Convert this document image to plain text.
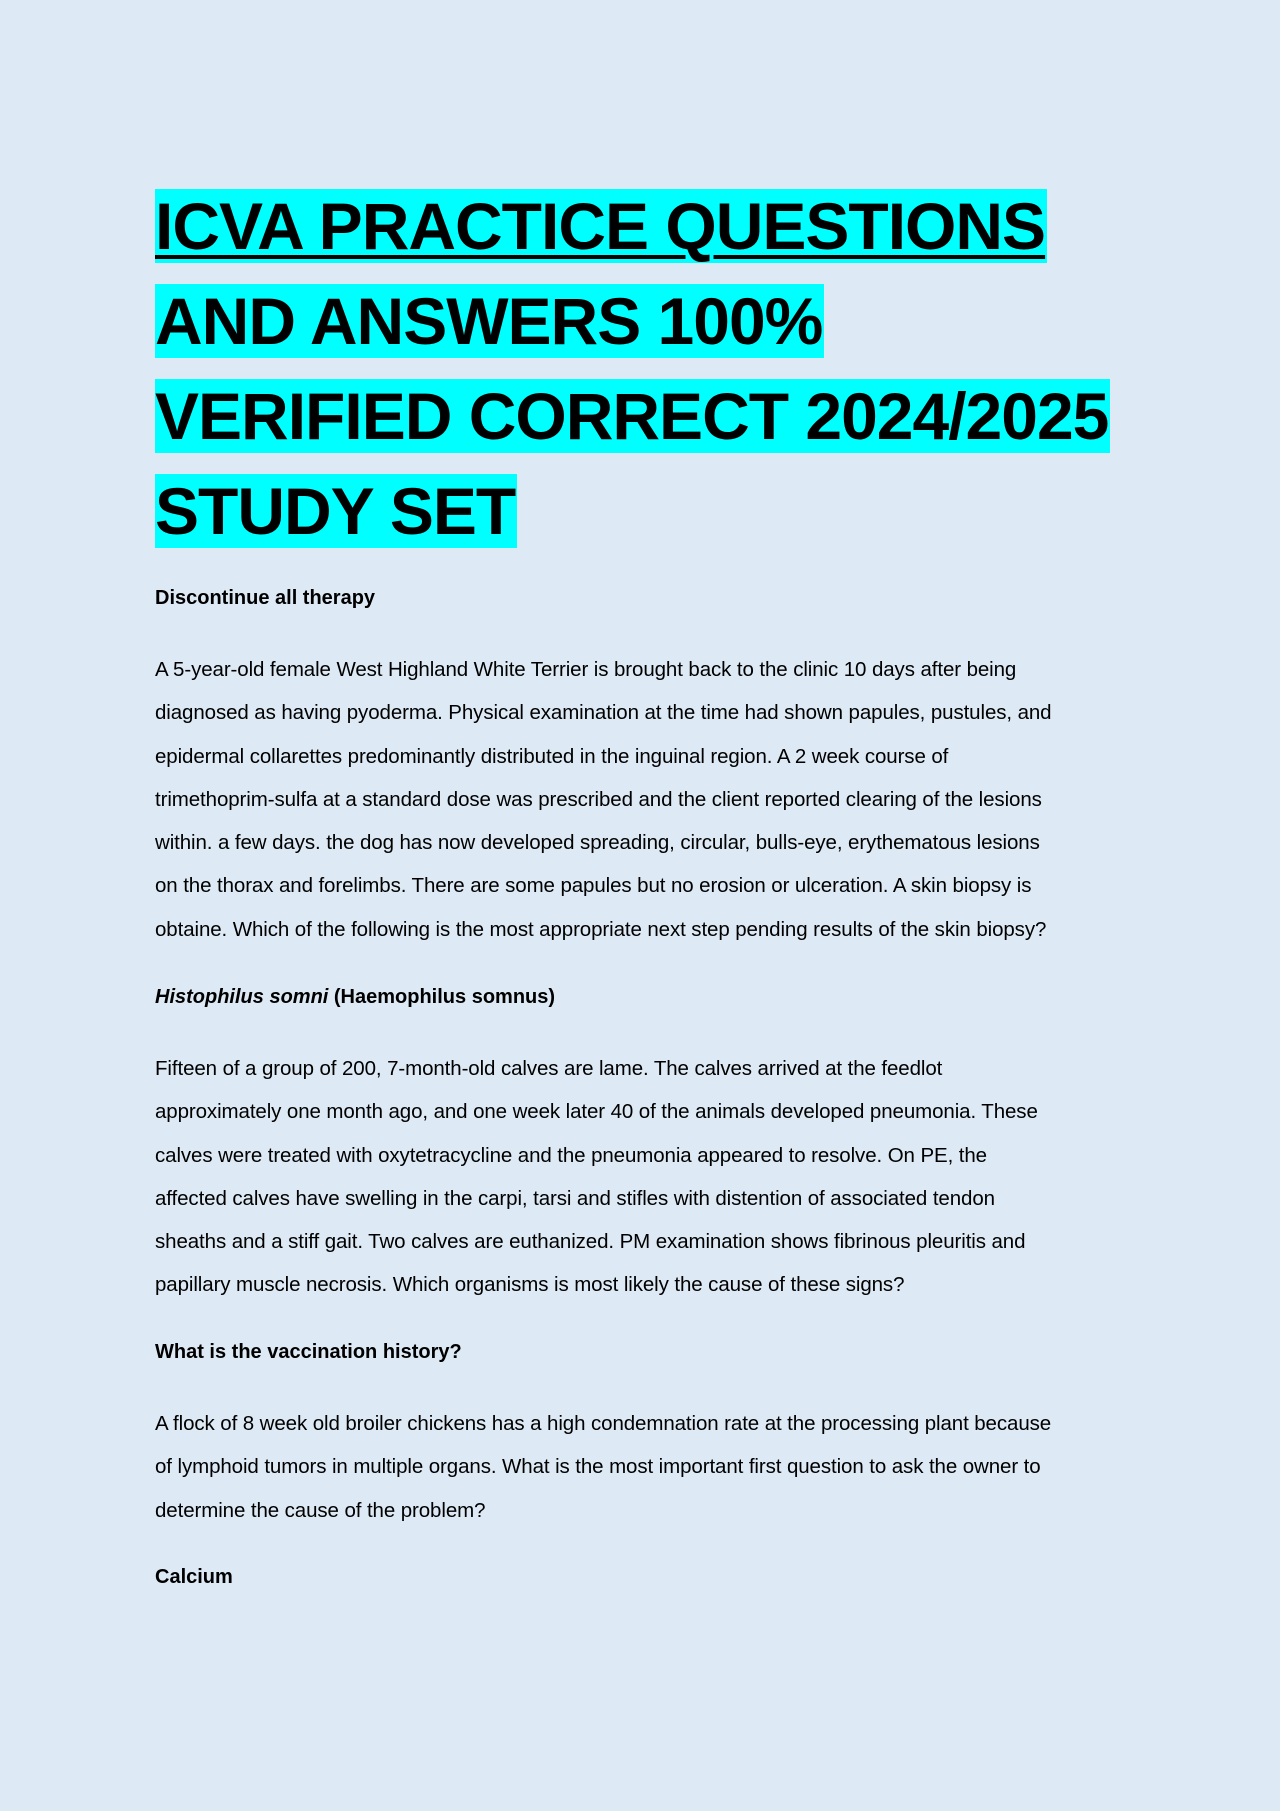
ICVA PRACTICE QUESTIONS
AND ANSWERS 100%
VERIFIED CORRECT 2024/2025
STUDY SET

Discontinue all therapy

A 5-year-old female West Highland White Terrier is brought back to the clinic 10 days after being
diagnosed as having pyoderma. Physical examination at the time had shown papules, pustules, and
epidermal collarettes predominantly distributed in the inguinal region. A 2 week course of
trimethoprim-sulfa at a standard dose was prescribed and the client reported clearing of the lesions
within. a few days. the dog has now developed spreading, circular, bulls-eye, erythematous lesions
on the thorax and forelimbs. There are some papules but no erosion or ulceration. A skin biopsy is
obtaine. Which of the following is the most appropriate next step pending results of the skin biopsy?

Histophilus somni (Haemophilus somnus)

Fifteen of a group of 200, 7-month-old calves are lame. The calves arrived at the feedlot
approximately one month ago, and one week later 40 of the animals developed pneumonia. These
calves were treated with oxytetracycline and the pneumonia appeared to resolve. On PE, the
affected calves have swelling in the carpi, tarsi and stifles with distention of associated tendon
sheaths and a stiff gait. Two calves are euthanized. PM examination shows fibrinous pleuritis and
papillary muscle necrosis. Which organisms is most likely the cause of these signs?

What is the vaccination history?

A flock of 8 week old broiler chickens has a high condemnation rate at the processing plant because
of lymphoid tumors in multiple organs. What is the most important first question to ask the owner to
determine the cause of the problem?

Calcium
